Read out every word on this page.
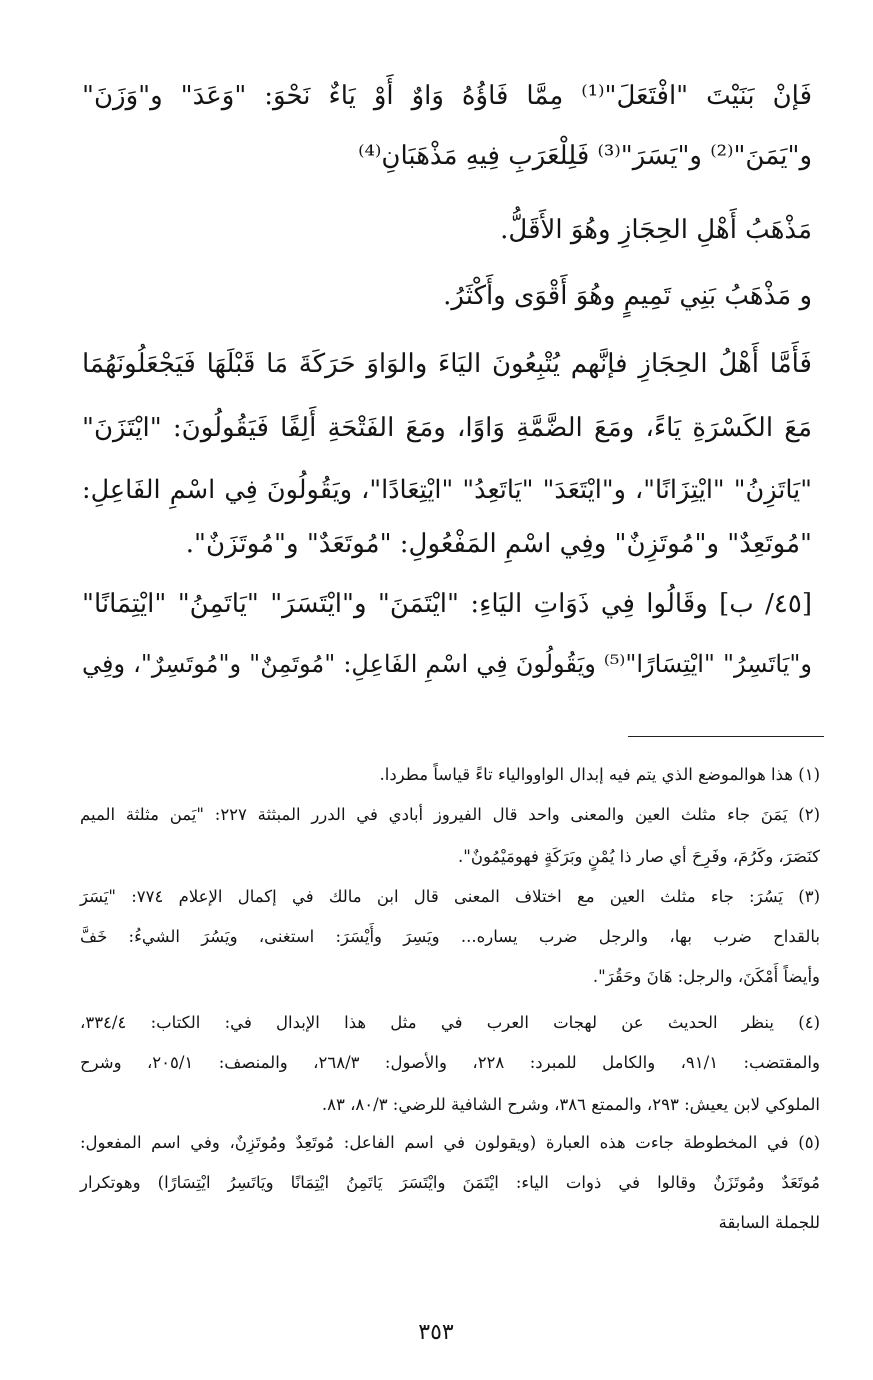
فَإنْ بَنَيْتَ "افْتَعَلَ"⁽¹⁾ مِمَّا فَاؤُهُ وَاوٌ أَوْ يَاءٌ نَحْوَ: "وَعَدَ" و"وَزَنَ"
و"يَمَنَ"⁽²⁾ و"يَسَرَ"⁽³⁾ فَلِلْعَرَبِ فِيهِ مَذْهَبَانِ⁽⁴⁾
مَذْهَبُ أَهْلِ الحِجَازِ وهُوَ الأَقَلُّ.
و مَذْهَبُ بَنِي تَمِيمٍ وهُوَ أَقْوَى وأَكْثَرُ.
فَأَمَّا أَهْلُ الحِجَازِ فإنَّهم يُتْبِعُونَ اليَاءَ والوَاوَ حَرَكَةَ مَا قَبْلَهَا فَيَجْعَلُونَهُمَا
مَعَ الكَسْرَةِ يَاءً، ومَعَ الضَّمَّةِ وَاوًا، ومَعَ الفَتْحَةِ أَلِفًا فَيَقُولُونَ: "ايْتَزَنَ"
"يَاتَزِنُ" "ايْتِزَانًا"، و"ايْتَعَدَ" "يَاتَعِدُ" "ايْتِعَادًا"، ويَقُولُونَ فِي اسْمِ الفَاعِلِ:
"مُوتَعِدٌ" و"مُوتَزِنٌ" وفِي اسْمِ المَفْعُولِ: "مُوتَعَدٌ" و"مُوتَزَنٌ".
[٤٥/ ب] وقَالُوا فِي ذَوَاتِ اليَاءِ: "ايْتَمَنَ" و"ايْتَسَرَ" "يَاتَمِنُ" "ايْتِمَانًا"
و"يَاتَسِرُ" "ايْتِسَارًا"⁽⁵⁾ ويَقُولُونَ فِي اسْمِ الفَاعِلِ: "مُوتَمِنٌ" و"مُوتَسِرٌ"، وفِي
(١) هذا هوالموضع الذي يتم فيه إبدال الواووالياء تاءً قياساً مطردا.
(٢) يَمَنَ جاء مثلث العين والمعنى واحد قال الفيروز أبادي في الدرر المبثثة ٢٢٧: "يَمن مثلثة الميم
كنَصَرَ، وكَرُمَ، وفَرِحَ أي صار ذا يُمْنٍ وبَرَكَةٍ فهومَيْمُونٌ".
(٣) يَسُرَ: جاء مثلث العين مع اختلاف المعنى قال ابن مالك في إكمال الإعلام ٧٧٤: "يَسَرَ
بالقداح ضرب بها، والرجل ضرب يساره... ويَسِرَ وأَيْسَرَ: استغنى، ويَسُرَ الشيءُ: خَفَّ
وأيضاً أَمْكَنَ، والرجل: هَانَ وحَقُرَ".
(٤) ينظر الحديث عن لهجات العرب في مثل هذا الإبدال في: الكتاب: ٣٣٤/٤،
والمقتضب: ٩١/١، والكامل للمبرد: ٢٢٨، والأصول: ٢٦٨/٣، والمنصف: ٢٠٥/١، وشرح
الملوكي لابن يعيش: ٢٩٣، والممتع ٣٨٦، وشرح الشافية للرضي: ٨٠/٣، ٨٣.
(٥) في المخطوطة جاءت هذه العبارة (ويقولون في اسم الفاعل: مُوتَعِدٌ ومُوتَزِنٌ، وفي اسم المفعول:
مُوتَعَدٌ ومُوتَزَنٌ وقالوا في ذوات الياء: ايْتَمَنَ وايْتَسَرَ يَاتَمِنُ ايْتِمَانًا ويَاتَسِرُ ايْتِسَارًا) وهوتكرار
للجملة السابقة
٣٥٣
